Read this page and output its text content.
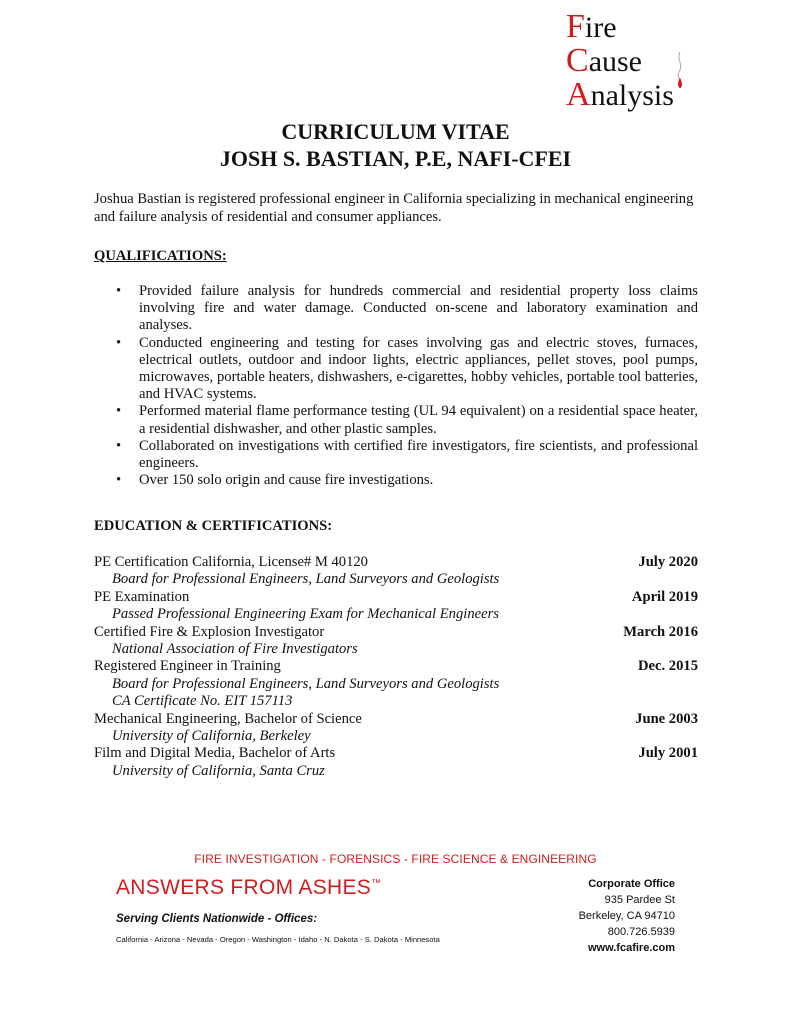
Fire
Cause
Analysis
CURRICULUM VITAE
JOSH S. BASTIAN, P.E, NAFI-CFEI
Joshua Bastian is registered professional engineer in California specializing in mechanical engineering and failure analysis of residential and consumer appliances.
QUALIFICATIONS:
• Provided failure analysis for hundreds commercial and residential property loss claims involving fire and water damage. Conducted on-scene and laboratory examination and analyses.
• Conducted engineering and testing for cases involving gas and electric stoves, furnaces, electrical outlets, outdoor and indoor lights, electric appliances, pellet stoves, pool pumps, microwaves, portable heaters, dishwashers, e-cigarettes, hobby vehicles, portable tool batteries, and HVAC systems.
• Performed material flame performance testing (UL 94 equivalent) on a residential space heater, a residential dishwasher, and other plastic samples.
• Collaborated on investigations with certified fire investigators, fire scientists, and professional engineers.
• Over 150 solo origin and cause fire investigations.
EDUCATION & CERTIFICATIONS:
PE Certification California, License# M 40120	July 2020
Board for Professional Engineers, Land Surveyors and Geologists
PE Examination	April 2019
Passed Professional Engineering Exam for Mechanical Engineers
Certified Fire & Explosion Investigator	March 2016
National Association of Fire Investigators
Registered Engineer in Training	Dec. 2015
Board for Professional Engineers, Land Surveyors and Geologists
CA Certificate No. EIT 157113
Mechanical Engineering, Bachelor of Science	June 2003
University of California, Berkeley
Film and Digital Media, Bachelor of Arts	July 2001
University of California, Santa Cruz
FIRE INVESTIGATION - FORENSICS - FIRE SCIENCE & ENGINEERING
ANSWERS FROM ASHES™
Serving Clients Nationwide - Offices:
California - Arizona - Nevada - Oregon - Washington - Idaho - N. Dakota - S. Dakota - Minnesota
Corporate Office
935 Pardee St
Berkeley, CA 94710
800.726.5939
www.fcafire.com
